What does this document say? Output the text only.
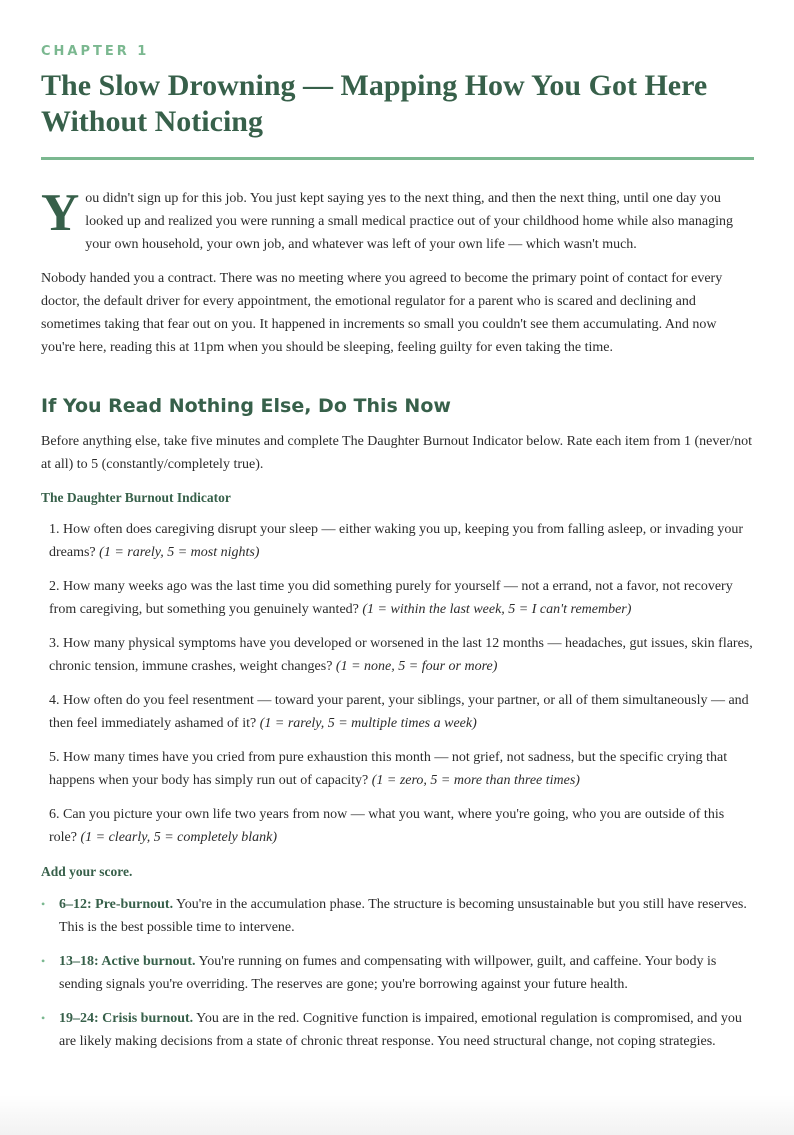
CHAPTER 1
The Slow Drowning — Mapping How You Got Here Without Noticing

Y ou didn't sign up for this job. You just kept saying yes to the next thing, and then the next thing, until one day you looked up and realized you were running a small medical practice out of your childhood home while also managing your own household, your own job, and whatever was left of your own life — which wasn't much.

Nobody handed you a contract. There was no meeting where you agreed to become the primary point of contact for every doctor, the default driver for every appointment, the emotional regulator for a parent who is scared and declining and sometimes taking that fear out on you. It happened in increments so small you couldn't see them accumulating. And now you're here, reading this at 11pm when you should be sleeping, feeling guilty for even taking the time.

If You Read Nothing Else, Do This Now

Before anything else, take five minutes and complete The Daughter Burnout Indicator below. Rate each item from 1 (never/not at all) to 5 (constantly/completely true).

The Daughter Burnout Indicator
1. How often does caregiving disrupt your sleep — either waking you up, keeping you from falling asleep, or invading your dreams? (1 = rarely, 5 = most nights)
2. How many weeks ago was the last time you did something purely for yourself — not a errand, not a favor, not recovery from caregiving, but something you genuinely wanted? (1 = within the last week, 5 = I can't remember)
3. How many physical symptoms have you developed or worsened in the last 12 months — headaches, gut issues, skin flares, chronic tension, immune crashes, weight changes? (1 = none, 5 = four or more)
4. How often do you feel resentment — toward your parent, your siblings, your partner, or all of them simultaneously — and then feel immediately ashamed of it? (1 = rarely, 5 = multiple times a week)
5. How many times have you cried from pure exhaustion this month — not grief, not sadness, but the specific crying that happens when your body has simply run out of capacity? (1 = zero, 5 = more than three times)
6. Can you picture your own life two years from now — what you want, where you're going, who you are outside of this role? (1 = clearly, 5 = completely blank)
Add your score.
• 6–12: Pre-burnout. You're in the accumulation phase. The structure is becoming unsustainable but you still have reserves. This is the best possible time to intervene.
• 13–18: Active burnout. You're running on fumes and compensating with willpower, guilt, and caffeine. Your body is sending signals you're overriding. The reserves are gone; you're borrowing against your future health.
• 19–24: Crisis burnout. You are in the red. Cognitive function is impaired, emotional regulation is compromised, and you are likely making decisions from a state of chronic threat response. You need structural change, not coping strategies.
